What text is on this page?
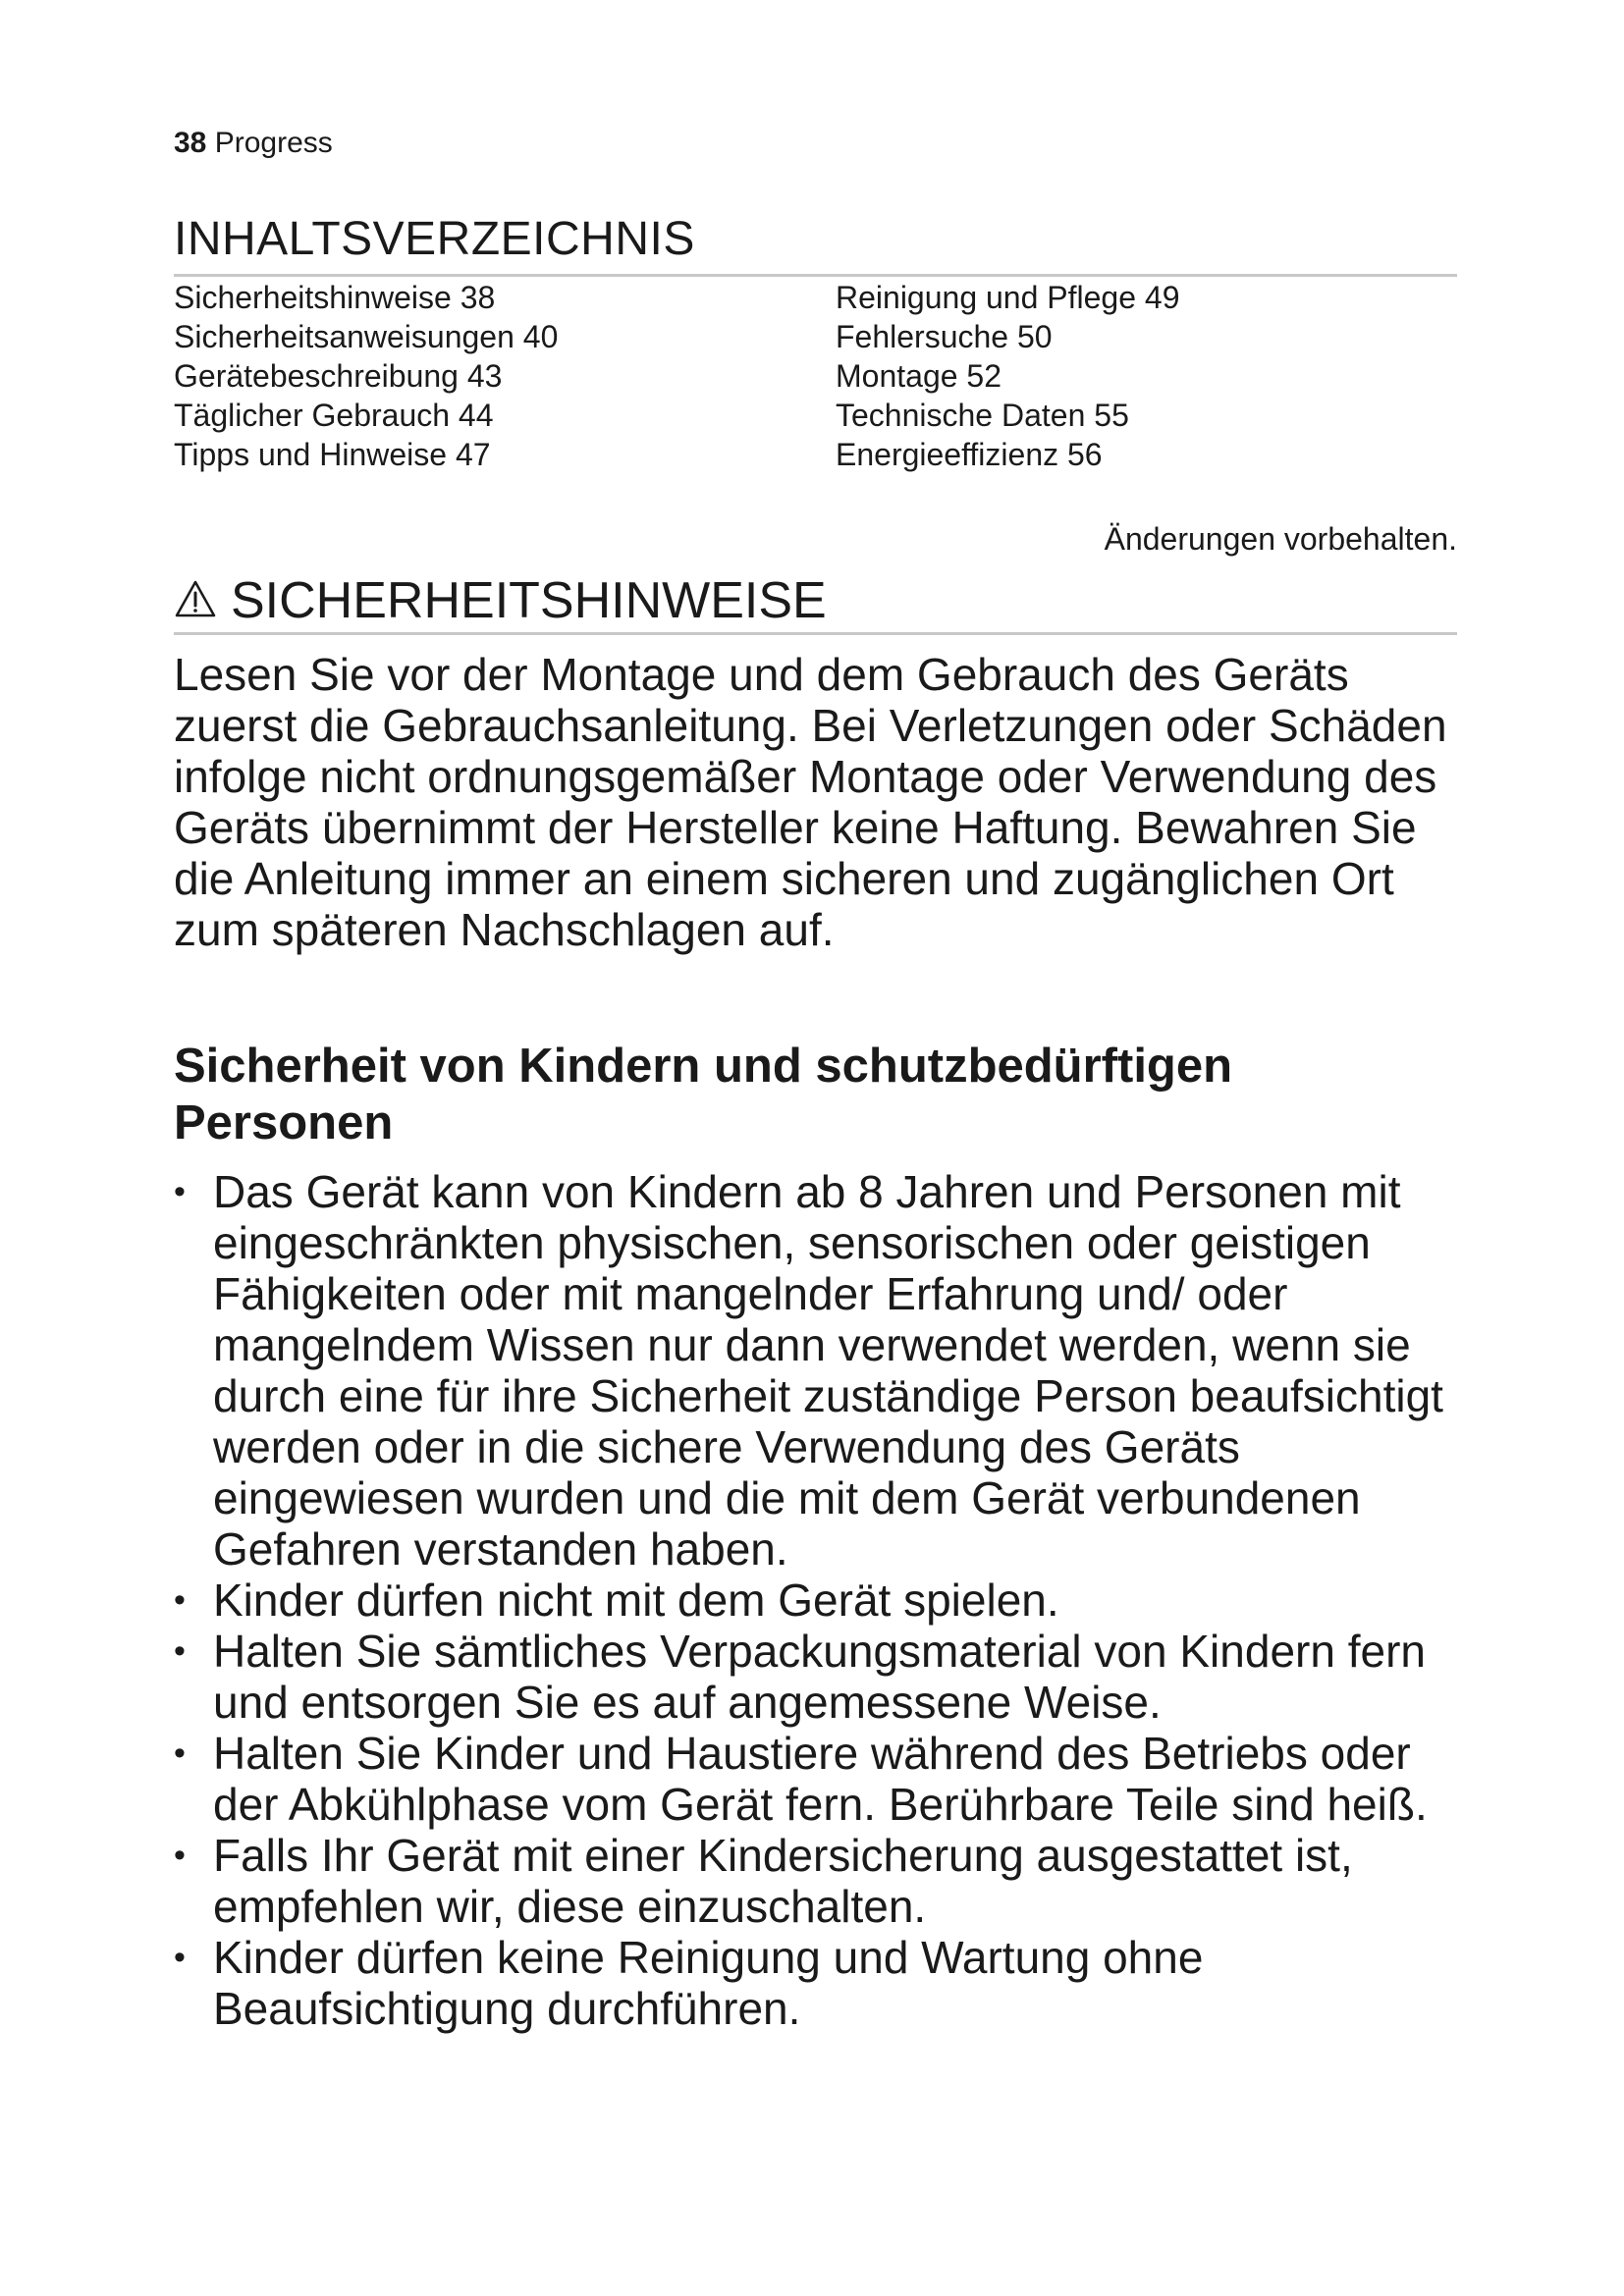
38 Progress
INHALTSVERZEICHNIS
Sicherheitshinweise 38
Sicherheitsanweisungen 40
Gerätebeschreibung 43
Täglicher Gebrauch 44
Tipps und Hinweise 47
Reinigung und Pflege 49
Fehlersuche 50
Montage 52
Technische Daten 55
Energieeffizienz 56
Änderungen vorbehalten.
SICHERHEITSHINWEISE
Lesen Sie vor der Montage und dem Gebrauch des Geräts zuerst die Gebrauchsanleitung. Bei Verletzungen oder Schäden infolge nicht ordnungsgemäßer Montage oder Verwendung des Geräts übernimmt der Hersteller keine Haftung. Bewahren Sie die Anleitung immer an einem sicheren und zugänglichen Ort zum späteren Nachschlagen auf.
Sicherheit von Kindern und schutzbedürftigen Personen
• Das Gerät kann von Kindern ab 8 Jahren und Personen mit eingeschränkten physischen, sensorischen oder geistigen Fähigkeiten oder mit mangelnder Erfahrung und/ oder mangelndem Wissen nur dann verwendet werden, wenn sie durch eine für ihre Sicherheit zuständige Person beaufsichtigt werden oder in die sichere Verwendung des Geräts eingewiesen wurden und die mit dem Gerät verbundenen Gefahren verstanden haben.
• Kinder dürfen nicht mit dem Gerät spielen.
• Halten Sie sämtliches Verpackungsmaterial von Kindern fern und entsorgen Sie es auf angemessene Weise.
• Halten Sie Kinder und Haustiere während des Betriebs oder der Abkühlphase vom Gerät fern. Berührbare Teile sind heiß.
• Falls Ihr Gerät mit einer Kindersicherung ausgestattet ist, empfehlen wir, diese einzuschalten.
• Kinder dürfen keine Reinigung und Wartung ohne Beaufsichtigung durchführen.
